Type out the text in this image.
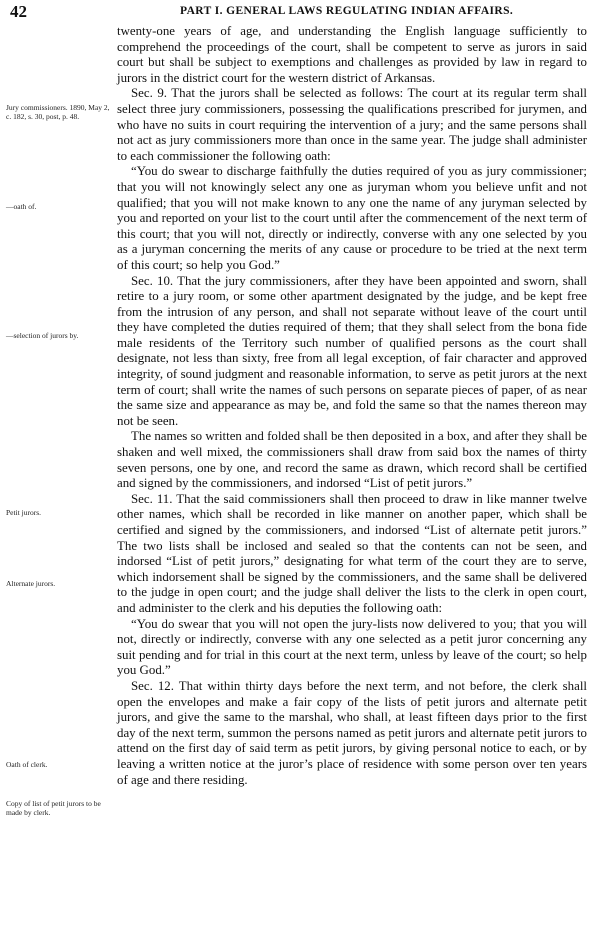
42	PART I. GENERAL LAWS REGULATING INDIAN AFFAIRS.
Jury commissioners. 1890, May 2, c. 182, s. 30, post, p. 48.
—oath of.
—selection of jurors by.
Petit jurors.
Alternate jurors.
Oath of clerk.
Copy of list of petit jurors to be made by clerk.

twenty-one years of age, and understanding the English language sufficiently to comprehend the proceedings of the court, shall be competent to serve as jurors in said court but shall be subject to exemptions and challenges as provided by law in regard to jurors in the district court for the western district of Arkansas.

Sec. 9. That the jurors shall be selected as follows: The court at its regular term shall select three jury commissioners, possessing the qualifications prescribed for jurymen, and who have no suits in court requiring the intervention of a jury; and the same persons shall not act as jury commissioners more than once in the same year. The judge shall administer to each commissioner the following oath:

“You do swear to discharge faithfully the duties required of you as jury commissioner; that you will not knowingly select any one as juryman whom you believe unfit and not qualified; that you will not make known to any one the name of any juryman selected by you and reported on your list to the court until after the commencement of the next term of this court; that you will not, directly or indirectly, converse with any one selected by you as a juryman concerning the merits of any cause or procedure to be tried at the next term of this court; so help you God.”

Sec. 10. That the jury commissioners, after they have been appointed and sworn, shall retire to a jury room, or some other apartment designated by the judge, and be kept free from the intrusion of any person, and shall not separate without leave of the court until they have completed the duties required of them; that they shall select from the bona fide male residents of the Territory such number of qualified persons as the court shall designate, not less than sixty, free from all legal exception, of fair character and approved integrity, of sound judgment and reasonable information, to serve as petit jurors at the next term of court; shall write the names of such persons on separate pieces of paper, of as near the same size and appearance as may be, and fold the same so that the names thereon may not be seen.

The names so written and folded shall be then deposited in a box, and after they shall be shaken and well mixed, the commissioners shall draw from said box the names of thirty seven persons, one by one, and record the same as drawn, which record shall be certified and signed by the commissioners, and indorsed “List of petit jurors.”

Sec. 11. That the said commissioners shall then proceed to draw in like manner twelve other names, which shall be recorded in like manner on another paper, which shall be certified and signed by the commissioners, and indorsed “List of alternate petit jurors.” The two lists shall be inclosed and sealed so that the contents can not be seen, and indorsed “List of petit jurors,” designating for what term of the court they are to serve, which indorsement shall be signed by the commissioners, and the same shall be delivered to the judge in open court; and the judge shall deliver the lists to the clerk in open court, and administer to the clerk and his deputies the following oath:

“You do swear that you will not open the jury-lists now delivered to you; that you will not, directly or indirectly, converse with any one selected as a petit juror concerning any suit pending and for trial in this court at the next term, unless by leave of the court; so help you God.”

Sec. 12. That within thirty days before the next term, and not before, the clerk shall open the envelopes and make a fair copy of the lists of petit jurors and alternate petit jurors, and give the same to the marshal, who shall, at least fifteen days prior to the first day of the next term, summon the persons named as petit jurors and alternate petit jurors to attend on the first day of said term as petit jurors, by giving personal notice to each, or by leaving a written notice at the juror’s place of residence with some person over ten years of age and there residing.
